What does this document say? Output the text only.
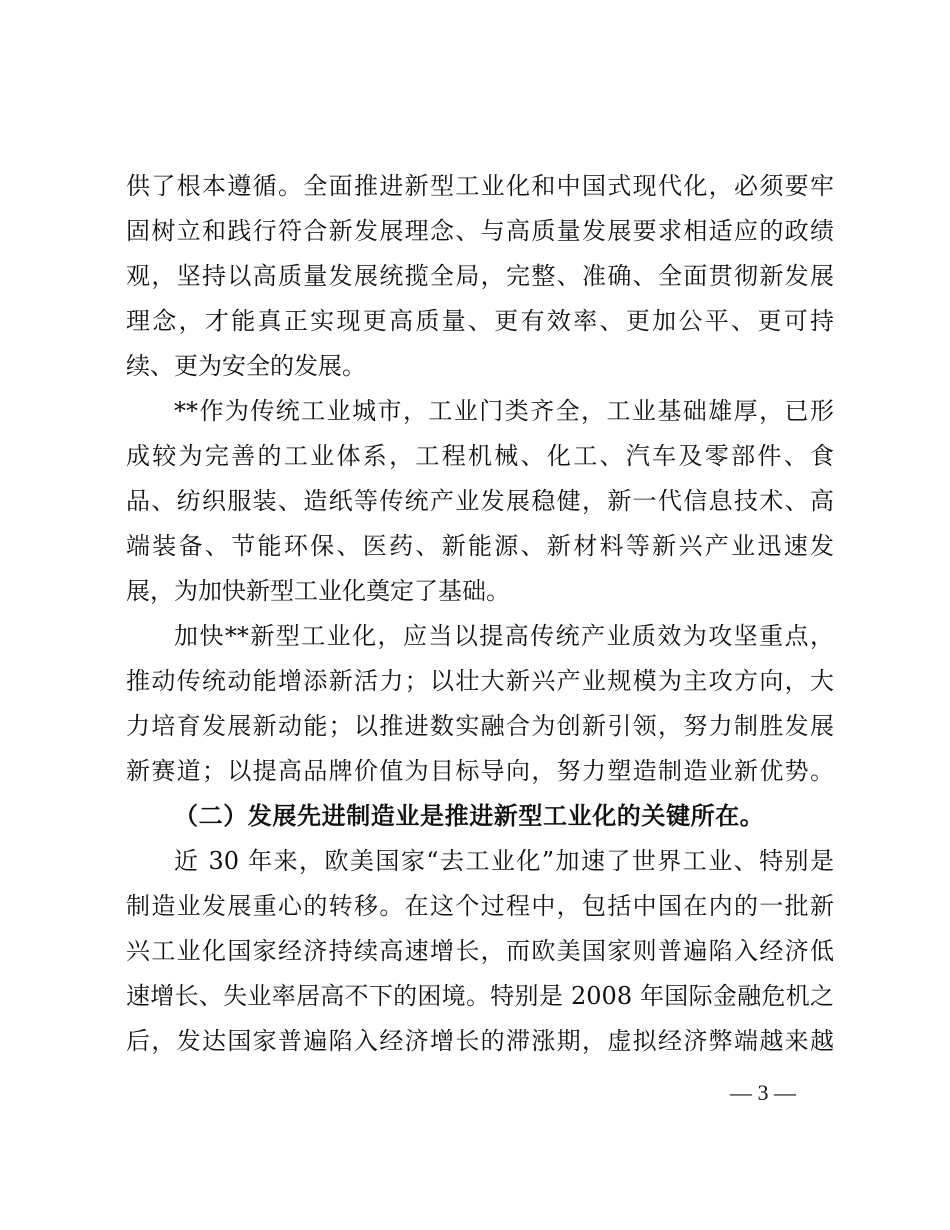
供了根本遵循。全面推进新型工业化和中国式现代化，必须要牢
固树立和践行符合新发展理念、与高质量发展要求相适应的政绩
观，坚持以高质量发展统揽全局，完整、准确、全面贯彻新发展
理念，才能真正实现更高质量、更有效率、更加公平、更可持
续、更为安全的发展。
**作为传统工业城市，工业门类齐全，工业基础雄厚，已形
成较为完善的工业体系，工程机械、化工、汽车及零部件、食
品、纺织服装、造纸等传统产业发展稳健，新一代信息技术、高
端装备、节能环保、医药、新能源、新材料等新兴产业迅速发
展，为加快新型工业化奠定了基础。
加快**新型工业化，应当以提高传统产业质效为攻坚重点，
推动传统动能增添新活力；以壮大新兴产业规模为主攻方向，大
力培育发展新动能；以推进数实融合为创新引领，努力制胜发展
新赛道；以提高品牌价值为目标导向，努力塑造制造业新优势。
（二）发展先进制造业是推进新型工业化的关键所在。
近 30 年来，欧美国家“去工业化”加速了世界工业、特别是
制造业发展重心的转移。在这个过程中，包括中国在内的一批新
兴工业化国家经济持续高速增长，而欧美国家则普遍陷入经济低
速增长、失业率居高不下的困境。特别是 2008 年国际金融危机之
后，发达国家普遍陷入经济增长的滞涨期，虚拟经济弊端越来越
— 3 —
